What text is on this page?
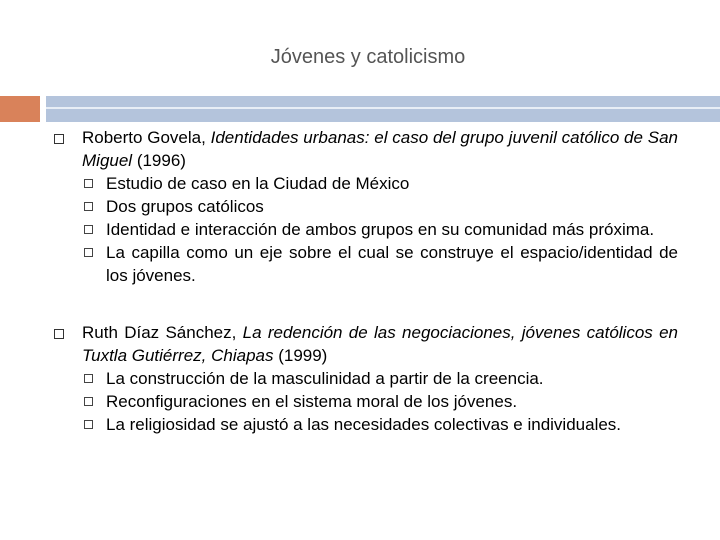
Jóvenes y catolicismo
Roberto Govela, Identidades urbanas: el caso del grupo juvenil católico de San Miguel (1996)
Estudio de caso en la Ciudad de México
Dos grupos católicos
Identidad e interacción de ambos grupos en su comunidad más próxima.
La capilla como un eje sobre el cual se construye el espacio/identidad de los jóvenes.
Ruth Díaz Sánchez, La redención de las negociaciones, jóvenes católicos en Tuxtla Gutiérrez, Chiapas (1999)
La construcción de la masculinidad a partir de la creencia.
Reconfiguraciones en el sistema moral de los jóvenes.
La religiosidad se ajustó a las necesidades colectivas e individuales.
